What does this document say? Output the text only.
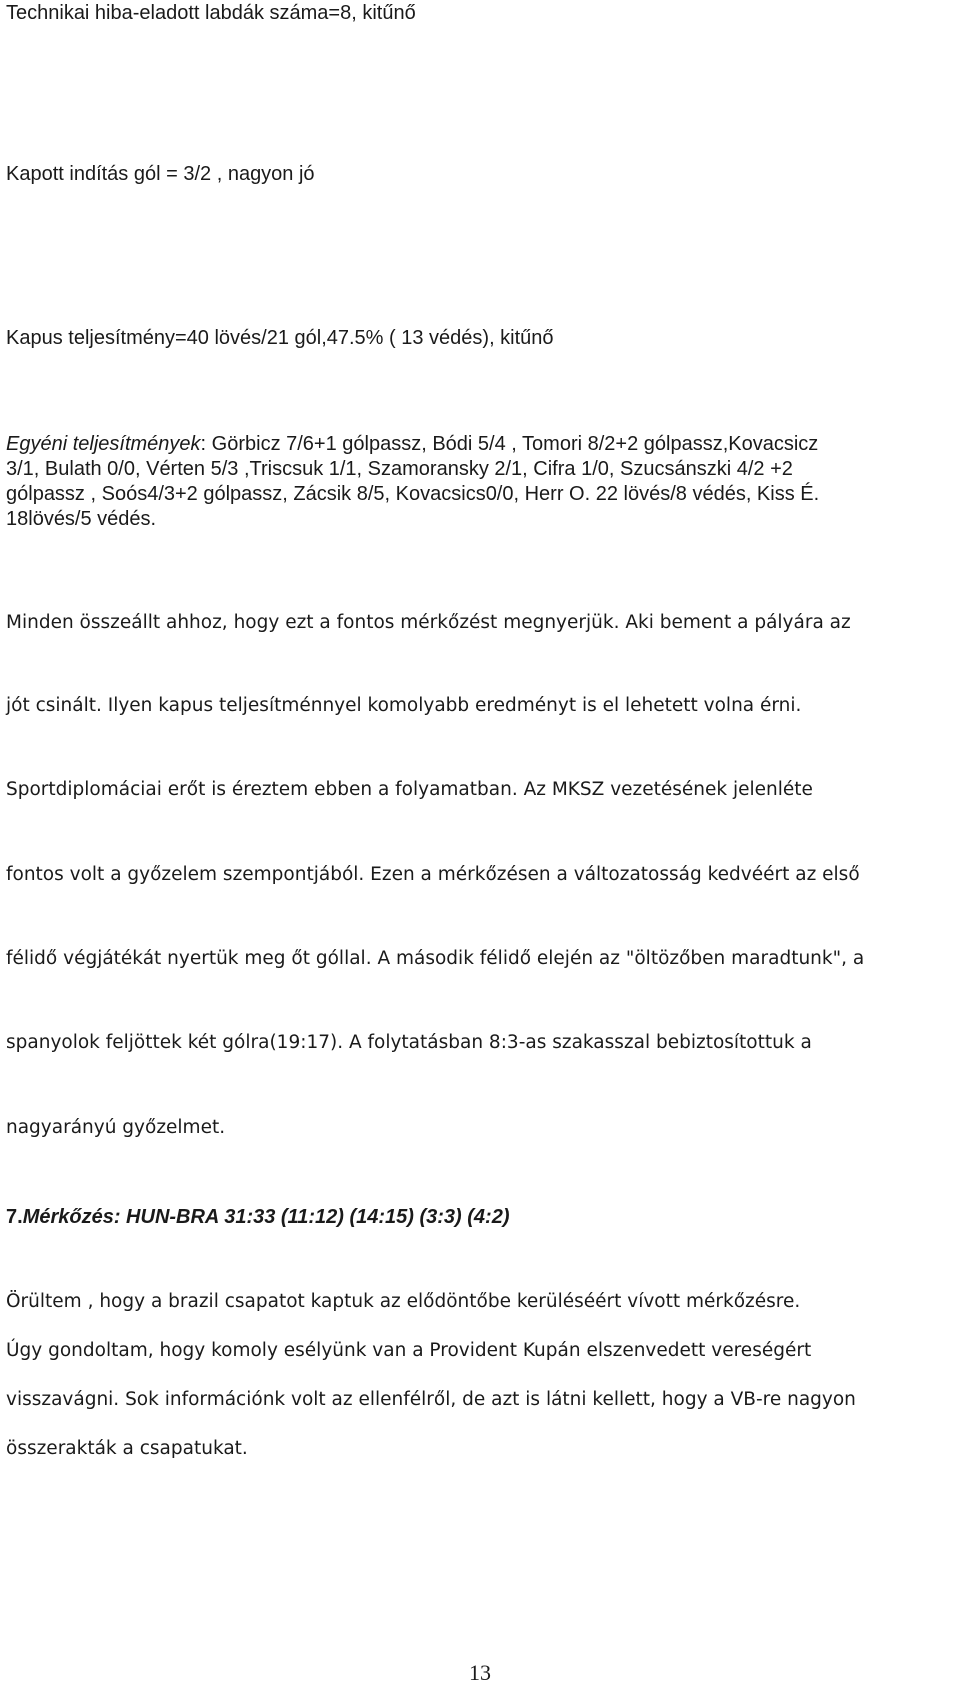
Technikai hiba-eladott labdák száma=8, kitűnő
Kapott indítás gól = 3/2 , nagyon jó
Kapus teljesítmény=40 lövés/21 gól,47.5% ( 13 védés), kitűnő
Egyéni teljesítmények: Görbicz 7/6+1 gólpassz, Bódi 5/4 , Tomori 8/2+2 gólpassz,Kovacsicz
3/1, Bulath 0/0, Vérten 5/3 ,Triscsuk 1/1, Szamoransky 2/1, Cifra 1/0, Szucsánszki 4/2 +2
gólpassz , Soós4/3+2 gólpassz, Zácsik 8/5, Kovacsics0/0, Herr O. 22 lövés/8 védés, Kiss É.
18lövés/5 védés.
Minden összeállt ahhoz, hogy ezt a fontos mérkőzést megnyerjük. Aki bement a pályára az
jót csinált. Ilyen kapus teljesítménnyel komolyabb eredményt is el lehetett volna érni.
Sportdiplomáciai erőt is éreztem ebben a folyamatban. Az MKSZ vezetésének jelenléte
fontos volt a győzelem szempontjából. Ezen a mérkőzésen a változatosság kedvéért az első
félidő végjátékát nyertük meg őt góllal. A második félidő elején az "öltözőben maradtunk", a
spanyolok feljöttek két gólra(19:17). A folytatásban 8:3-as szakasszal bebiztosítottuk a
nagyarányú győzelmet.
7.Mérkőzés: HUN-BRA 31:33 (11:12) (14:15) (3:3) (4:2)
Örültem , hogy a brazil csapatot kaptuk az elődöntőbe kerüléséért vívott mérkőzésre.
Úgy gondoltam, hogy komoly esélyünk van a Provident Kupán elszenvedett vereségért
visszavágni. Sok információnk volt az ellenfélről, de azt is látni kellett, hogy a VB-re nagyon
összerakták a csapatukat.
13
